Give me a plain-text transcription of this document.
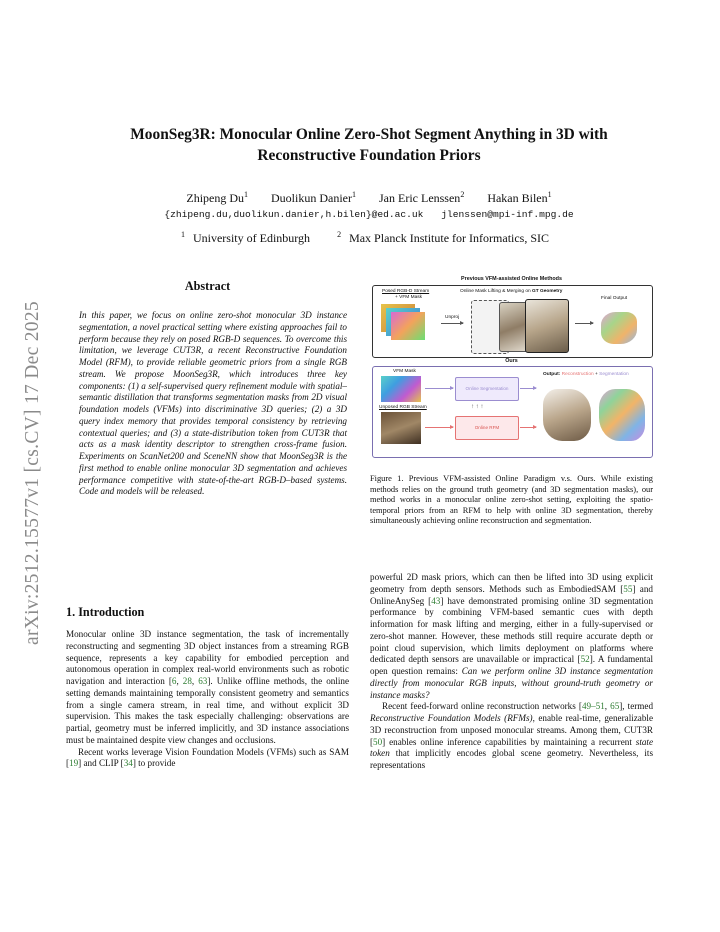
arXiv:2512.15577v1 [cs.CV] 17 Dec 2025
MoonSeg3R: Monocular Online Zero-Shot Segment Anything in 3D with
Reconstructive Foundation Priors
Zhipeng Du$^1$ Duolikun Danier$^1$ Jan Eric Lenssen$^2$ Hakan Bilen$^1$
{zhipeng.du,duolikun.danier,h.bilen}@ed.ac.uk jlenssen@mpi-inf.mpg.de
$^1$ University of Edinburgh	$^2$ Max Planck Institute for Informatics, SIC
Abstract
In this paper, we focus on online zero-shot monocular 3D instance segmentation, a novel practical setting where existing approaches fail to perform because they rely on posed RGB-D sequences. To overcome this limitation, we leverage CUT3R, a recent Reconstructive Foundation Model (RFM), to provide reliable geometric priors from a single RGB stream. We propose MoonSeg3R, which introduces three key components: (1) a self-supervised query refinement module with spatial–semantic distillation that transforms segmentation masks from 2D visual foundation models (VFMs) into discriminative 3D queries; (2) a 3D query index memory that provides temporal consistency by retrieving contextual queries; and (3) a state-distribution token from CUT3R that acts as a mask identity descriptor to strengthen cross-frame fusion. Experiments on ScanNet200 and SceneNN show that MoonSeg3R is the first method to enable online monocular 3D segmentation and achieves performance competitive with state-of-the-art RGB-D–based systems. Code and models will be released.
1. Introduction

Monocular online 3D instance segmentation, the task of incrementally reconstructing and segmenting 3D object instances from a streaming RGB sequence, represents a key capability for embodied perception and autonomous operation in complex real-world environments such as robotic navigation and interaction [6, 28, 63]. Unlike offline methods, the online setting demands maintaining temporally consistent geometry and semantics from a single camera stream, in real time, and without explicit 3D supervision. This makes the task especially challenging: observations are partial, geometry must be inferred implicitly, and 3D instance associations must be maintained despite view changes and occlusions.

Recent works leverage Vision Foundation Models (VFMs) such as SAM [19] and CLIP [34] to provide

Previous VFM-assisted Online Methods
Posed RGB-D Stream
+ VFM Mask
Unproj
Online Mask Lifting & Merging on GT Geometry
Final Output
Ours
VFM Mask
Unposed RGB Stream
Online Segmentation
↑ ↑ ↑
Online RFM
Output: Reconstruction + Segmentation
Figure 1. Previous VFM-assisted Online Paradigm v.s. Ours. While existing methods relies on the ground truth geometry (and 3D segmentation masks), our method works in a monocular online zero-shot setting, exploiting the spatio-temporal priors from an RFM to help with online 3D segmentation, thereby simultaneously achieving online reconstruction and segmentation.

powerful 2D mask priors, which can then be lifted into 3D using explicit geometry from depth sensors. Methods such as EmbodiedSAM [55] and OnlineAnySeg [43] have demonstrated promising online 3D segmentation performance by combining VFM-based semantic cues with depth information for mask lifting and merging, either in a fully-supervised or zero-shot manner. However, these methods still require accurate depth or point cloud supervision, which limits deployment on platforms where dedicated depth sensors are unavailable or impractical [52]. A fundamental open question remains: Can we perform online 3D instance segmentation directly from monocular RGB inputs, without ground-truth geometry or instance masks?

Recent feed-forward online reconstruction networks [49–51, 65], termed Reconstructive Foundation Models (RFMs), enable real-time, generalizable 3D reconstruction from unposed monocular streams. Among them, CUT3R [50] enables online inference capabilities by maintaining a recurrent state token that implicitly encodes global scene geometry. Nevertheless, its representations
